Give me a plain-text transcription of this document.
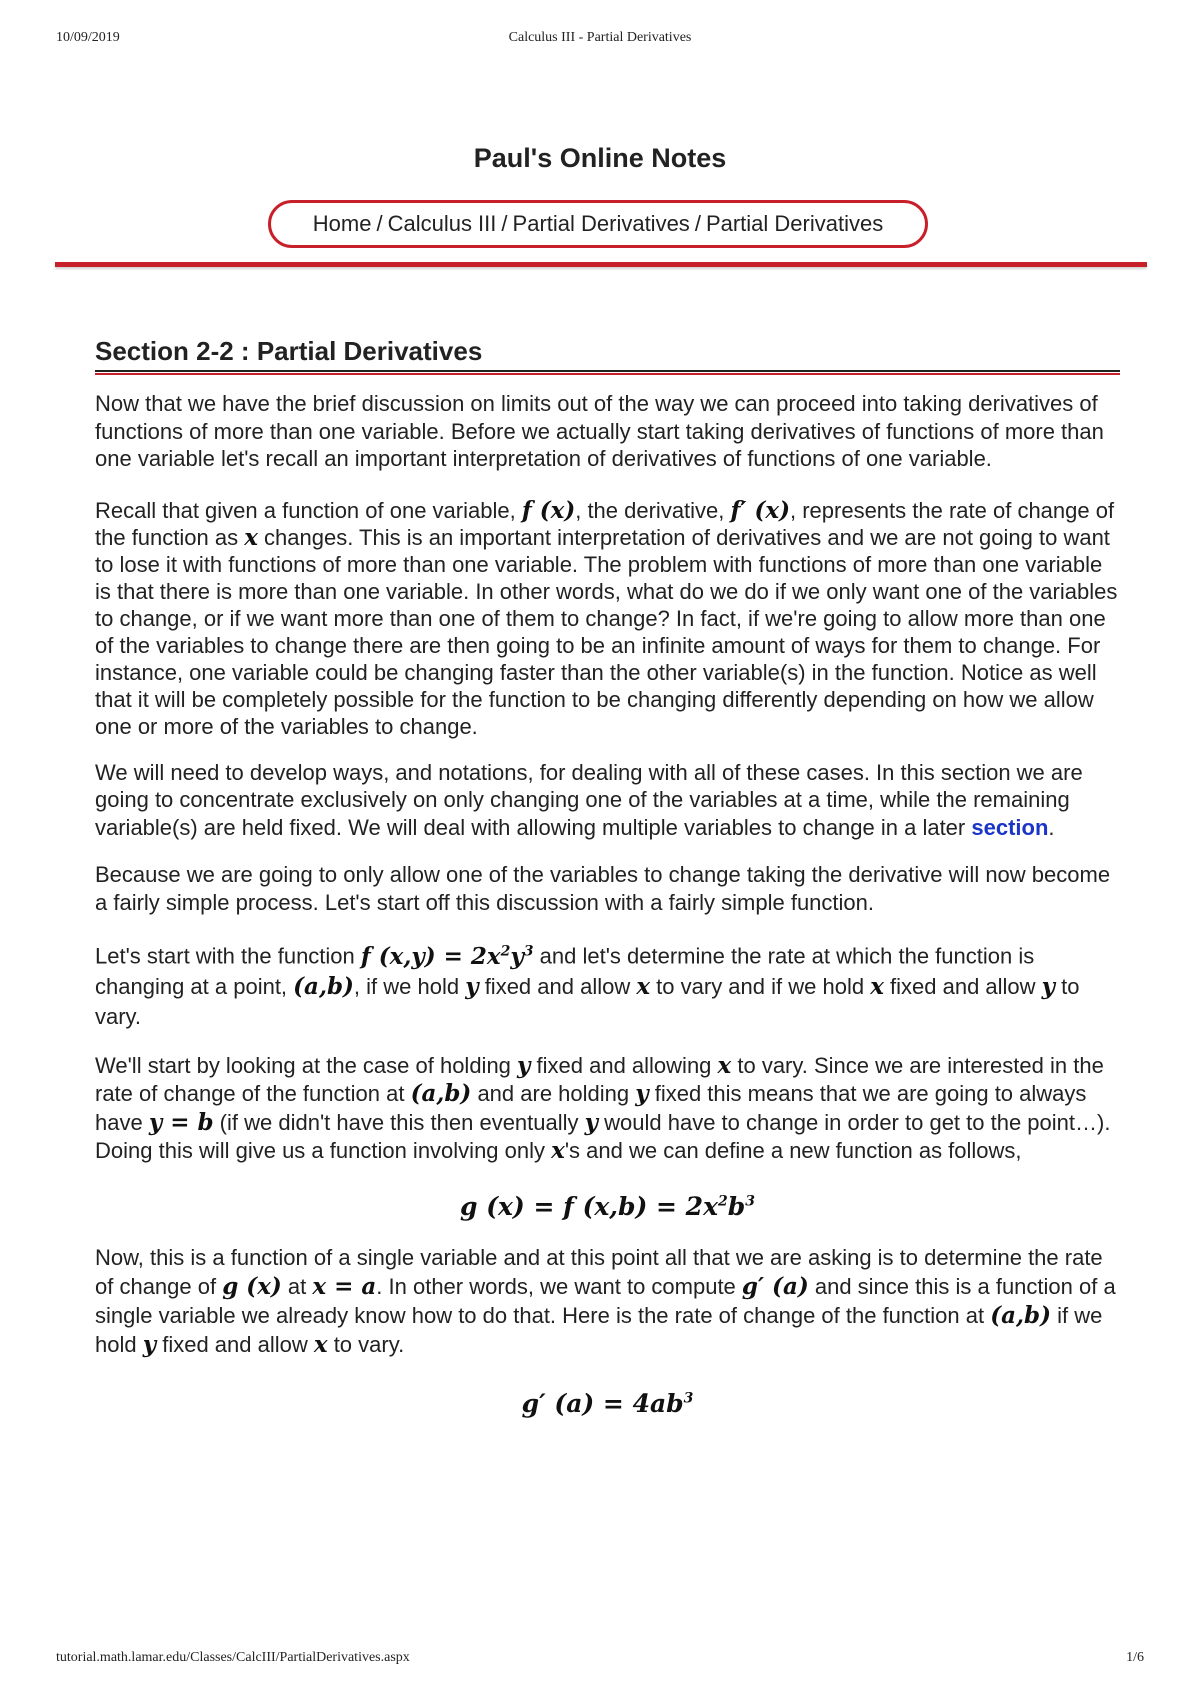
10/09/2019	Calculus III - Partial Derivatives
Paul's Online Notes
Home / Calculus III / Partial Derivatives / Partial Derivatives
Section 2-2 : Partial Derivatives

Now that we have the brief discussion on limits out of the way we can proceed into taking derivatives of functions of more than one variable. Before we actually start taking derivatives of functions of more than one variable let's recall an important interpretation of derivatives of functions of one variable.

Recall that given a function of one variable, f (x), the derivative, f′ (x), represents the rate of change of the function as x changes. This is an important interpretation of derivatives and we are not going to want to lose it with functions of more than one variable. The problem with functions of more than one variable is that there is more than one variable. In other words, what do we do if we only want one of the variables to change, or if we want more than one of them to change? In fact, if we're going to allow more than one of the variables to change there are then going to be an infinite amount of ways for them to change. For instance, one variable could be changing faster than the other variable(s) in the function. Notice as well that it will be completely possible for the function to be changing differently depending on how we allow one or more of the variables to change.

We will need to develop ways, and notations, for dealing with all of these cases. In this section we are going to concentrate exclusively on only changing one of the variables at a time, while the remaining variable(s) are held fixed. We will deal with allowing multiple variables to change in a later section.

Because we are going to only allow one of the variables to change taking the derivative will now become a fairly simple process. Let's start off this discussion with a fairly simple function.

Let's start with the function f $(x,y) = 2x^2y^3$ and let's determine the rate at which the function is changing at a point, (a,b), if we hold y fixed and allow x to vary and if we hold x fixed and allow y to vary.

We'll start by looking at the case of holding y fixed and allowing x to vary. Since we are interested in the rate of change of the function at (a,b) and are holding y fixed this means that we are going to always have y = b (if we didn't have this then eventually y would have to change in order to get to the point…). Doing this will give us a function involving only x's and we can define a new function as follows,

g (x) = f $(x,b) = 2x^2b^3$

Now, this is a function of a single variable and at this point all that we are asking is to determine the rate of change of g (x) at x = a. In other words, we want to compute g′ (a) and since this is a function of a single variable we already know how to do that. Here is the rate of change of the function at (a,b) if we hold y fixed and allow x to vary.

g′ $(a) = 4ab^3$
tutorial.math.lamar.edu/Classes/CalcIII/PartialDerivatives.aspx	1/6
